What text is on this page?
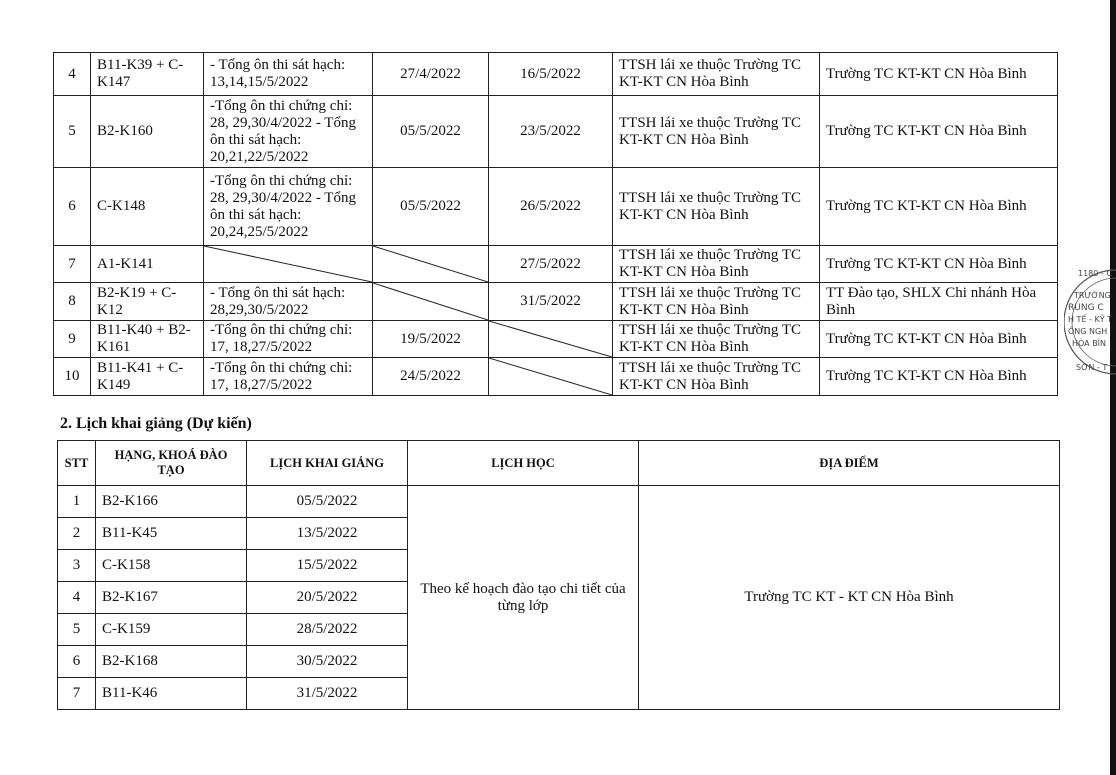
4	B11-K39 + C-K147	- Tổng ôn thi sát hạch: 13,14,15/5/2022	27/4/2022	16/5/2022	TTSH lái xe thuộc Trường TC KT-KT CN Hòa Bình	Trường TC KT-KT CN Hòa Bình
5	B2-K160	-Tổng ôn thi chứng chỉ: 28, 29,30/4/2022 - Tổng ôn thi sát hạch: 20,21,22/5/2022	05/5/2022	23/5/2022	TTSH lái xe thuộc Trường TC KT-KT CN Hòa Bình	Trường TC KT-KT CN Hòa Bình
6	C-K148	-Tổng ôn thi chứng chỉ: 28, 29,30/4/2022 - Tổng ôn thi sát hạch: 20,24,25/5/2022	05/5/2022	26/5/2022	TTSH lái xe thuộc Trường TC KT-KT CN Hòa Bình	Trường TC KT-KT CN Hòa Bình
7	A1-K141			27/5/2022	TTSH lái xe thuộc Trường TC KT-KT CN Hòa Bình	Trường TC KT-KT CN Hòa Bình
8	B2-K19 + C-K12	- Tổng ôn thi sát hạch: 28,29,30/5/2022		31/5/2022	TTSH lái xe thuộc Trường TC KT-KT CN Hòa Bình	TT Đào tạo, SHLX Chi nhánh Hòa Bình
9	B11-K40 + B2-K161	-Tổng ôn thi chứng chỉ: 17, 18,27/5/2022	19/5/2022		TTSH lái xe thuộc Trường TC KT-KT CN Hòa Bình	Trường TC KT-KT CN Hòa Bình
10	B11-K41 + C-K149	-Tổng ôn thi chứng chỉ: 17, 18,27/5/2022	24/5/2022		TTSH lái xe thuộc Trường TC KT-KT CN Hòa Bình	Trường TC KT-KT CN Hòa Bình
2. Lịch khai giảng (Dự kiến)
STT	HẠNG, KHOÁ ĐÀO TẠO	LỊCH KHAI GIẢNG	LỊCH HỌC	ĐỊA ĐIỂM
1	B2-K166	05/5/2022	Theo kế hoạch đào tạo chi tiết của từng lớp	Trường TC KT - KT CN Hòa Bình
2	B11-K45	13/5/2022		
3	C-K158	15/5/2022		
4	B2-K167	20/5/2022		
5	C-K159	28/5/2022		
6	B2-K168	30/5/2022		
7	B11-K46	31/5/2022		
1180 - C
TRƯỜNG
RUNG C
H TẾ - KỸ T
ÔNG NGH
HÒA BÌN
SƠN - T
